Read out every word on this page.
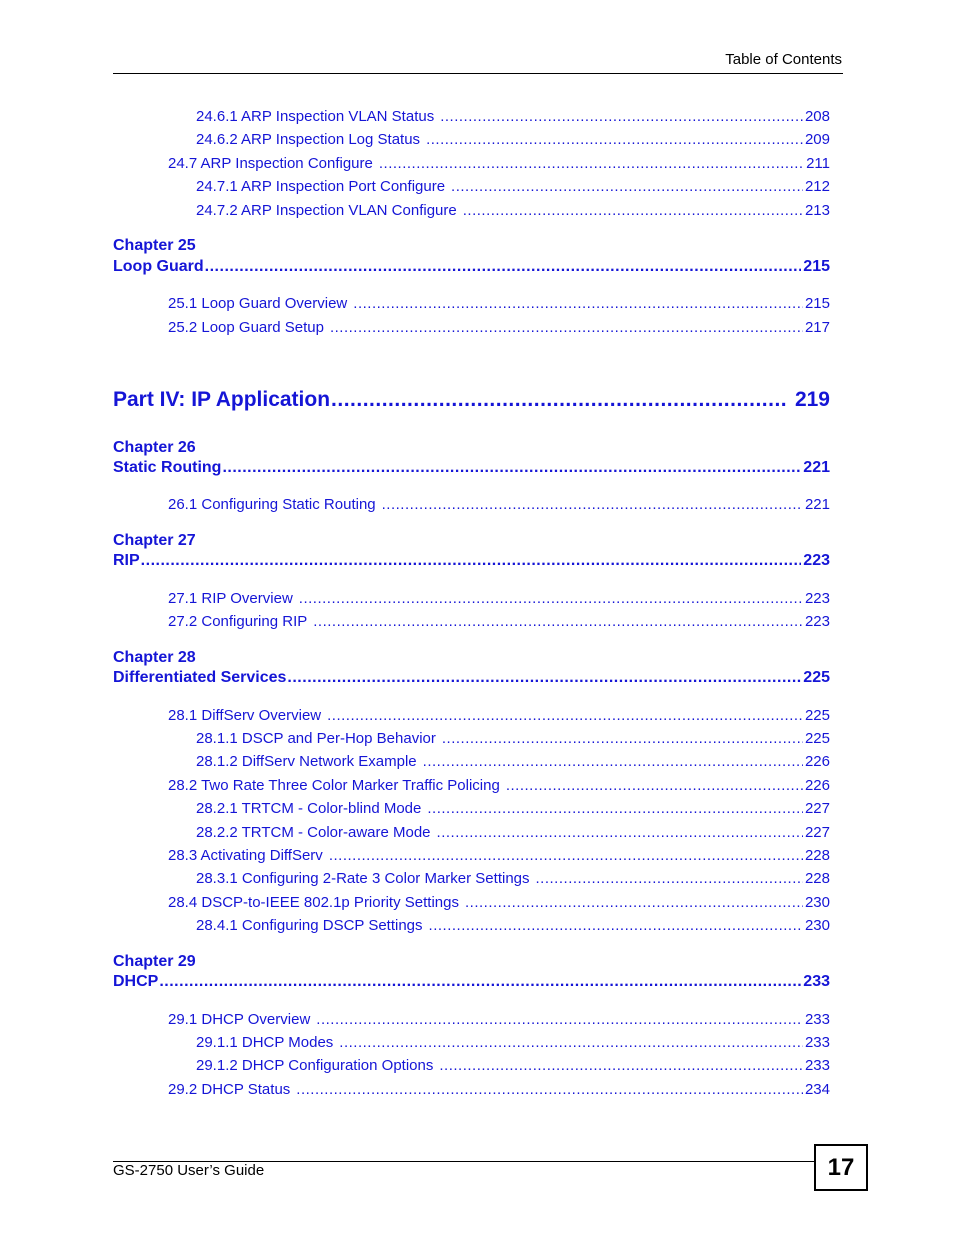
Table of Contents
24.6.1 ARP Inspection VLAN Status .....	208
24.6.2 ARP Inspection Log Status .....	209
24.7 ARP Inspection Configure .....	211
24.7.1 ARP Inspection Port Configure .....	212
24.7.2 ARP Inspection VLAN Configure .....	213
Chapter 25
Loop Guard .....	215
25.1 Loop Guard Overview .....	215
25.2 Loop Guard Setup .....	217
Part IV: IP Application .....	219
Chapter 26
Static Routing .....	221
26.1 Configuring Static Routing .....	221
Chapter 27
RIP .....	223
27.1 RIP Overview .....	223
27.2 Configuring RIP .....	223
Chapter 28
Differentiated Services .....	225
28.1 DiffServ Overview .....	225
28.1.1 DSCP and Per-Hop Behavior .....	225
28.1.2 DiffServ Network Example .....	226
28.2 Two Rate Three Color Marker Traffic Policing .....	226
28.2.1 TRTCM - Color-blind Mode .....	227
28.2.2 TRTCM - Color-aware Mode .....	227
28.3 Activating DiffServ .....	228
28.3.1 Configuring 2-Rate 3 Color Marker Settings .....	228
28.4 DSCP-to-IEEE 802.1p Priority Settings .....	230
28.4.1 Configuring DSCP Settings .....	230
Chapter 29
DHCP .....	233
29.1 DHCP Overview .....	233
29.1.1 DHCP Modes .....	233
29.1.2 DHCP Configuration Options .....	233
29.2 DHCP Status .....	234
GS-2750 User’s Guide	17
